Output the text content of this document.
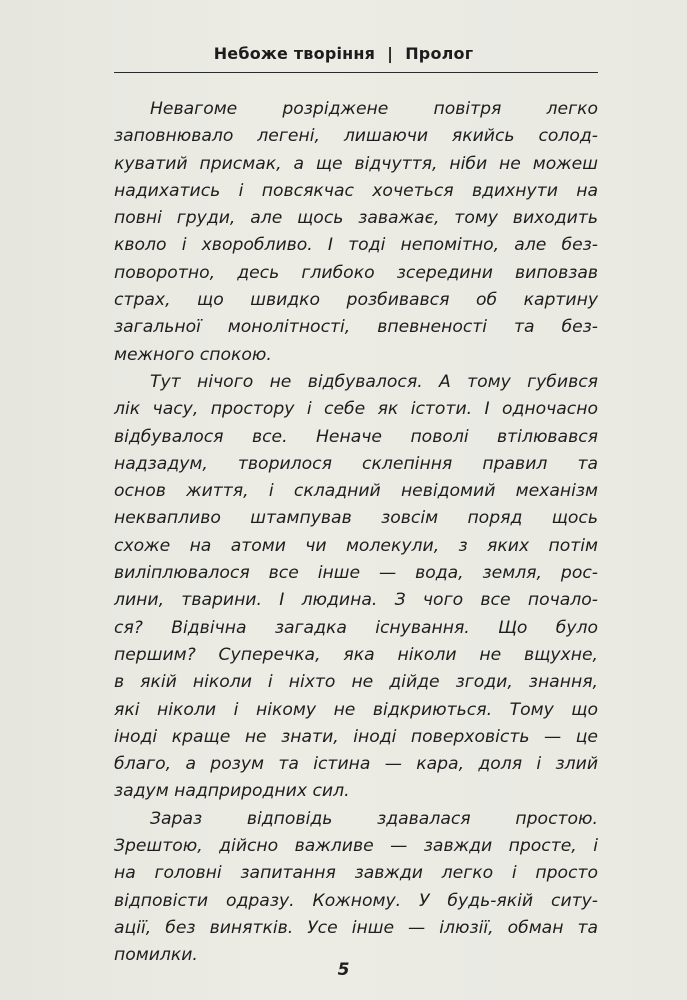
Небоже творіння | Пролог
Невагоме розріджене повітря легко
заповнювало легені, лишаючи якийсь солод-
куватий присмак, а ще відчуття, ніби не можеш
надихатись і повсякчас хочеться вдихнути на
повні груди, але щось заважає, тому виходить
кволо і хворобливо. І тоді непомітно, але без-
поворотно, десь глибоко зсередини виповзав
страх, що швидко розбивався об картину
загальної монолітності, впевненості та без-
межного спокою.
Тут нічого не відбувалося. А тому губився
лік часу, простору і себе як істоти. І одночасно
відбувалося все. Неначе поволі втілювався
надзадум, творилося склепіння правил та
основ життя, і складний невідомий механізм
неквапливо штампував зовсім поряд щось
схоже на атоми чи молекули, з яких потім
виліплювалося все інше — вода, земля, рос-
лини, тварини. І людина. З чого все почало-
ся? Відвічна загадка існування. Що було
першим? Суперечка, яка ніколи не вщухне,
в якій ніколи і ніхто не дійде згоди, знання,
які ніколи і нікому не відкриються. Тому що
іноді краще не знати, іноді поверховість — це
благо, а розум та істина — кара, доля і злий
задум надприродних сил.
Зараз відповідь здавалася простою.
Зрештою, дійсно важливе — завжди просте, і
на головні запитання завжди легко і просто
відповісти одразу. Кожному. У будь-якій ситу-
ації, без винятків. Усе інше — ілюзії, обман та
помилки.
5
